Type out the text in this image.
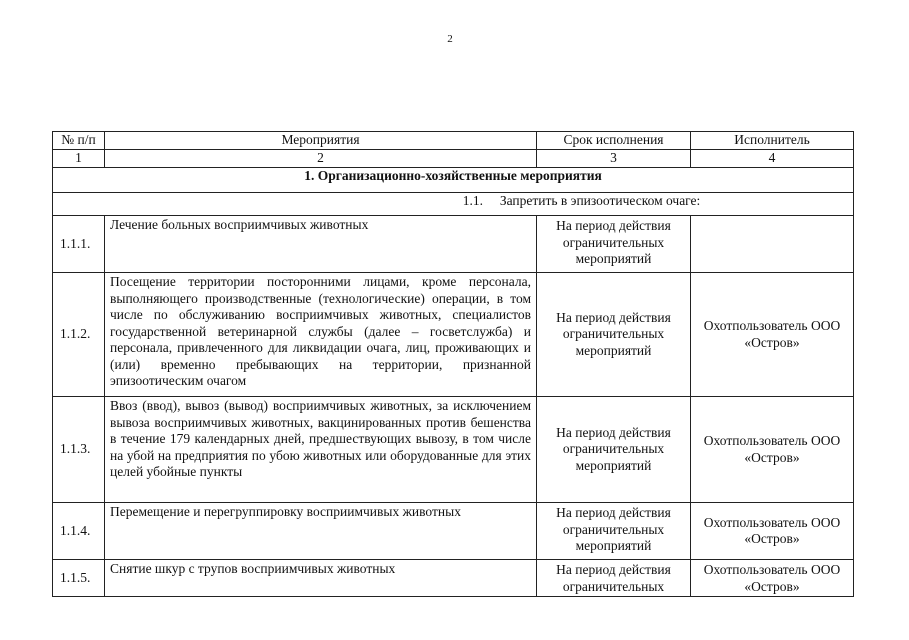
2
№ п/п	Мероприятия	Срок исполнения	Исполнитель
1	2	3	4
1. Организационно-хозяйственные мероприятия			
1.1.     Запретить в эпизоотическом очаге:			
1.1.1.	Лечение больных восприимчивых животных	На период действия ограничительных мероприятий	
1.1.2.	Посещение территории посторонними лицами, кроме персонала, выполняющего производственные (технологические) операции, в том числе по обслуживанию восприимчивых животных, специалистов государственной ветеринарной службы (далее – госветслужба) и персонала, привлеченного для ликвидации очага, лиц, проживающих и (или) временно пребывающих на территории, признанной эпизоотическим очагом	На период действия ограничительных мероприятий	Охотпользователь ООО «Остров»
1.1.3.	Ввоз (ввод), вывоз (вывод) восприимчивых животных, за исключением вывоза восприимчивых животных, вакцинированных против бешенства в течение 179 календарных дней, предшествующих вывозу, в том числе на убой на предприятия по убою животных или оборудованные для этих целей убойные пункты	На период действия ограничительных мероприятий	Охотпользователь ООО «Остров»
1.1.4.	Перемещение и перегруппировку восприимчивых животных	На период действия ограничительных мероприятий	Охотпользователь ООО «Остров»
1.1.5.	Снятие шкур с трупов восприимчивых животных	На период действия ограничительных	Охотпользователь ООО «Остров»
